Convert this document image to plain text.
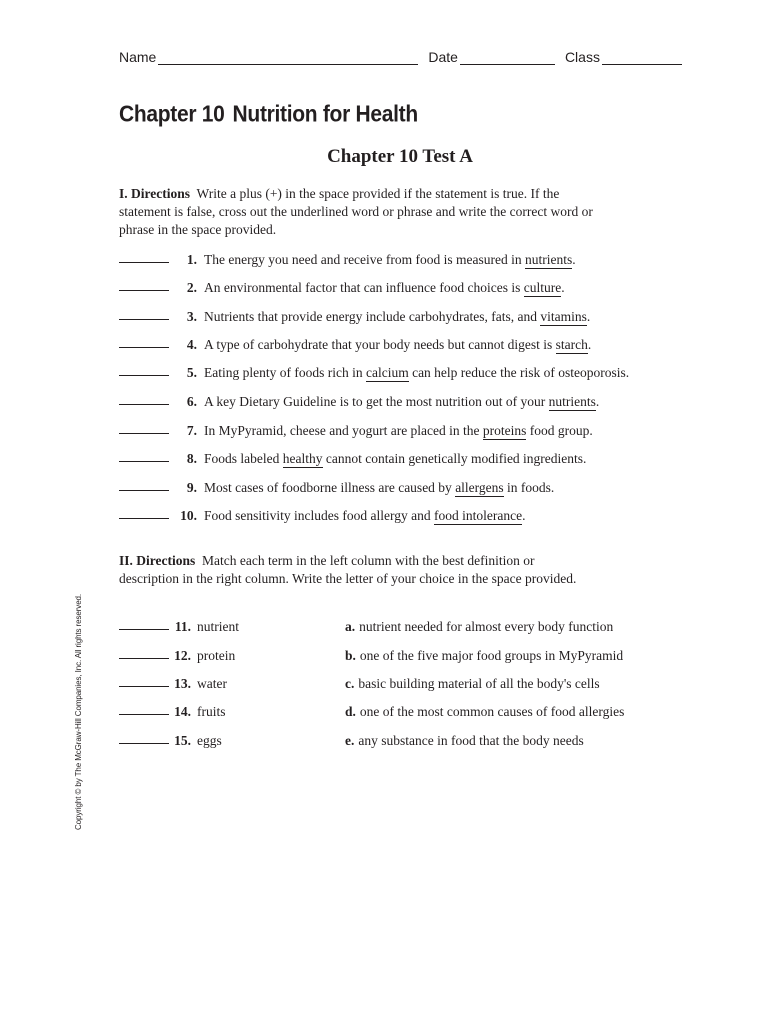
Name	Date	Class
Chapter 10 Nutrition for Health
Chapter 10 Test A
I. Directions Write a plus (+) in the space provided if the statement is true. If the statement is false, cross out the underlined word or phrase and write the correct word or phrase in the space provided.
1. The energy you need and receive from food is measured in nutrients.
2. An environmental factor that can influence food choices is culture.
3. Nutrients that provide energy include carbohydrates, fats, and vitamins.
4. A type of carbohydrate that your body needs but cannot digest is starch.
5. Eating plenty of foods rich in calcium can help reduce the risk of osteoporosis.
6. A key Dietary Guideline is to get the most nutrition out of your nutrients.
7. In MyPyramid, cheese and yogurt are placed in the proteins food group.
8. Foods labeled healthy cannot contain genetically modified ingredients.
9. Most cases of foodborne illness are caused by allergens in foods.
10. Food sensitivity includes food allergy and food intolerance.
II. Directions Match each term in the left column with the best definition or description in the right column. Write the letter of your choice in the space provided.
11. nutrient	a. nutrient needed for almost every body function
12. protein	b. one of the five major food groups in MyPyramid
13. water	c. basic building material of all the body's cells
14. fruits	d. one of the most common causes of food allergies
15. eggs	e. any substance in food that the body needs
Copyright © by The McGraw-Hill Companies, Inc. All rights reserved.
